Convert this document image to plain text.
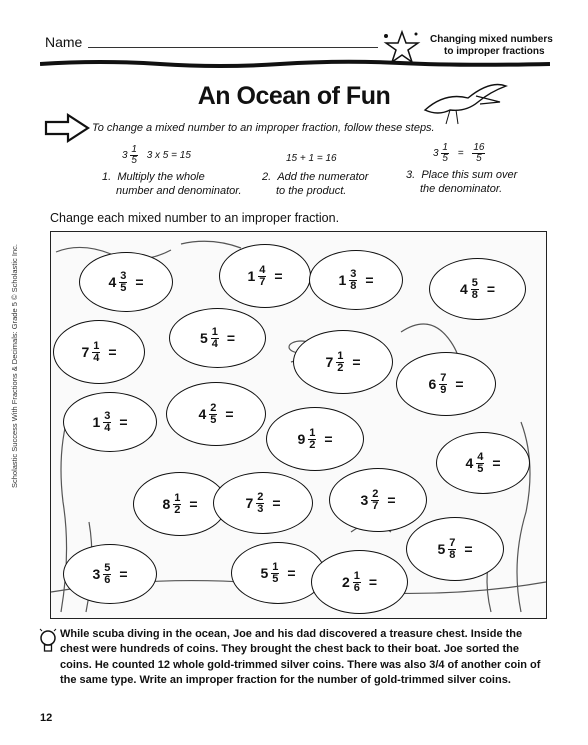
Name	Changing mixed numbers
to improper fractions
An Ocean of Fun
To change a mixed number to an improper fraction, follow these steps.
$3 \frac{1}{5} 3$ x 5 = 15	15 + 1 = 16	$3 \frac{1}{5} = \frac{16}{5}$
1. Multiply the whole
number and denominator.
2. Add the numerator
to the product.
3. Place this sum over
the denominator.
Change each mixed number to an improper fraction.
$4 \frac{3}{5}$ =	$1 \frac{4}{7}$ =	$1 \frac{3}{8}$ =
$4 \frac{5}{8}$ =
$5 \frac{1}{4}$ =
$7 \frac{1}{4}$ =
$7 \frac{1}{2}$ =
$6 \frac{7}{9}$ =
$1 \frac{3}{4}$ =	$4 \frac{2}{5}$ =
$9 \frac{1}{2}$ =
$4 \frac{4}{5}$ =
$8 \frac{1}{2}$ =	$7 \frac{2}{3}$ =	$3 \frac{2}{7}$ =
$5 \frac{7}{8}$ =
$3 \frac{5}{6}$ =	$5 \frac{1}{5}$ =
$2 \frac{1}{6}$ =
While scuba diving in the ocean, Joe and his dad discovered a treasure chest. Inside the chest were hundreds of coins. They brought the chest back to their boat. Joe sorted the coins. He counted 12 whole gold-trimmed silver coins. There was also 3/4 of another coin of the same type. Write an improper fraction for the number of gold-trimmed silver coins.
12
Scholastic Success With Fractions & Decimals: Grade 5 © Scholastic Inc.
